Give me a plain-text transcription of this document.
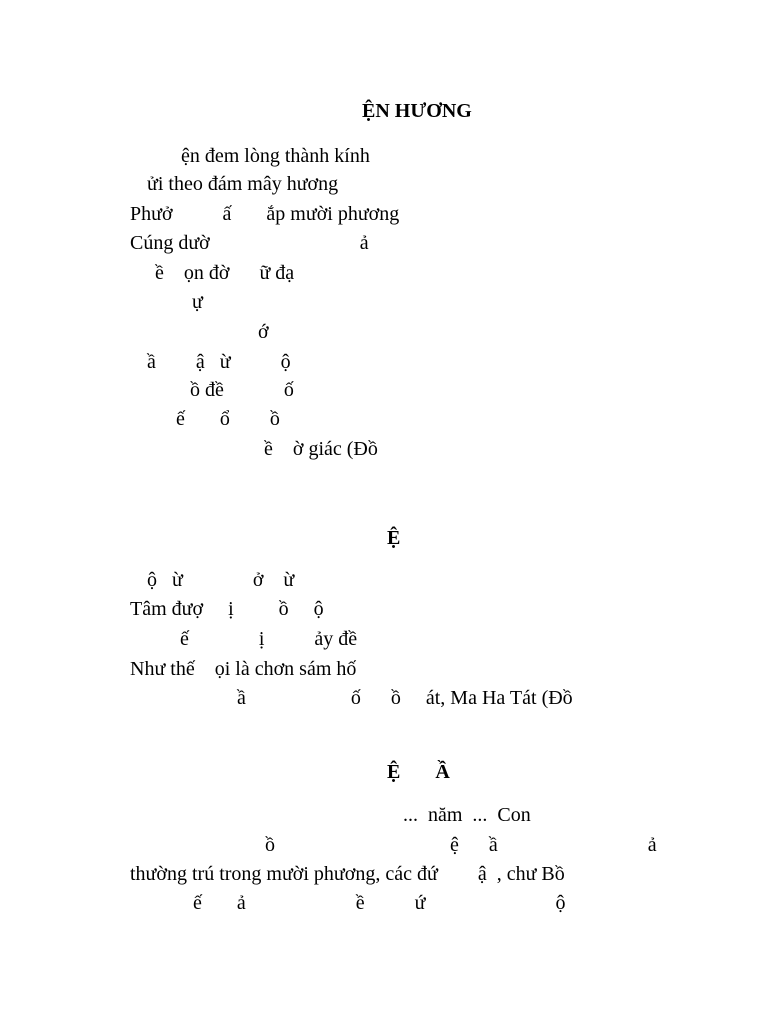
ỆN HƯƠNG
ện đem lòng thành kính
ửi theo đám mây hương
Phưở          ấ       ắp mười phương
Cúng dườ                              ả
ề    ọn đờ      ữ đạ
ự
ớ
ầ        ậ   ừ          ộ
ồ đề            ố
ế       ổ        ồ
ề    ờ giác (Đồ
Ệ
ộ   ừ              ở    ừ
Tâm đượ     ị         ồ     ộ
ế              ị          ảy đề
Như thế    ọi là chơn sám hố
ầ                     ố      ồ     át, Ma Ha Tát (Đồ
Ệ       Ầ
...  năm  ...  Con
ồ                                   ệ      ầ                              ả
thường trú trong mười phương, các đứ        ậ  , chư Bồ
ế       ả                      ề          ứ                          ộ
